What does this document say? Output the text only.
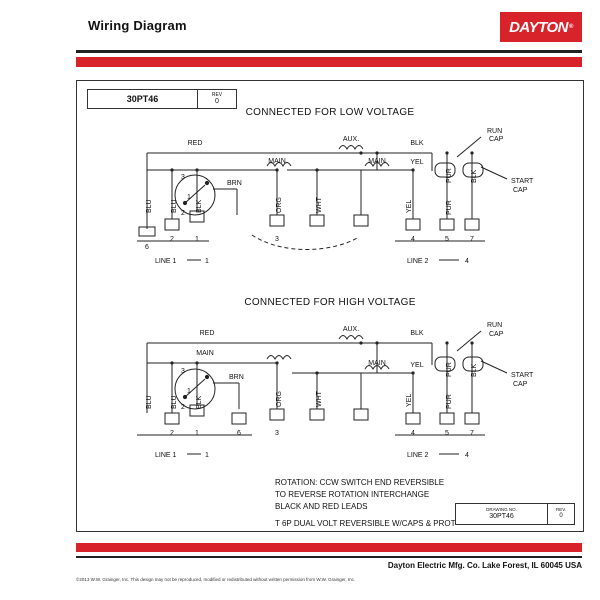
Wiring Diagram	DAYTON ®
30PT46	REV
0
CONNECTED FOR LOW VOLTAGE
RED
AUX.
BLK
MAIN	MAIN	YEL
RUN
CAP
START
CAP
BRN
3
1
2
BLU	BLU	BLK	ORG	WHT	YEL	PUR
PUR	BLK
6
2	1	3	4	5	7
LINE 1	1	LINE 2	4
CONNECTED FOR HIGH VOLTAGE
RED
AUX.
BLK
MAIN
MAIN	YEL
RUN
CAP
START
CAP
BRN
3
1
2
BLU	BLU	BLK	ORG	WHT	YEL	PUR
PUR	BLK
2	1	6	3	4	5	7
LINE 1	1	LINE 2	4
ROTATION: CCW SWITCH END REVERSIBLE
TO REVERSE ROTATION INTERCHANGE
BLACK AND RED LEADS
T 6P DUAL VOLT REVERSIBLE W/CAPS & PROT
DRAWING NO.
30PT46
REV.
0
Dayton Electric Mfg. Co. Lake Forest, IL 60045 USA
©2013 W.W. Grainger, Inc. This design may not be reproduced, modified or redistributed without written permission from W.W. Grainger, Inc.
